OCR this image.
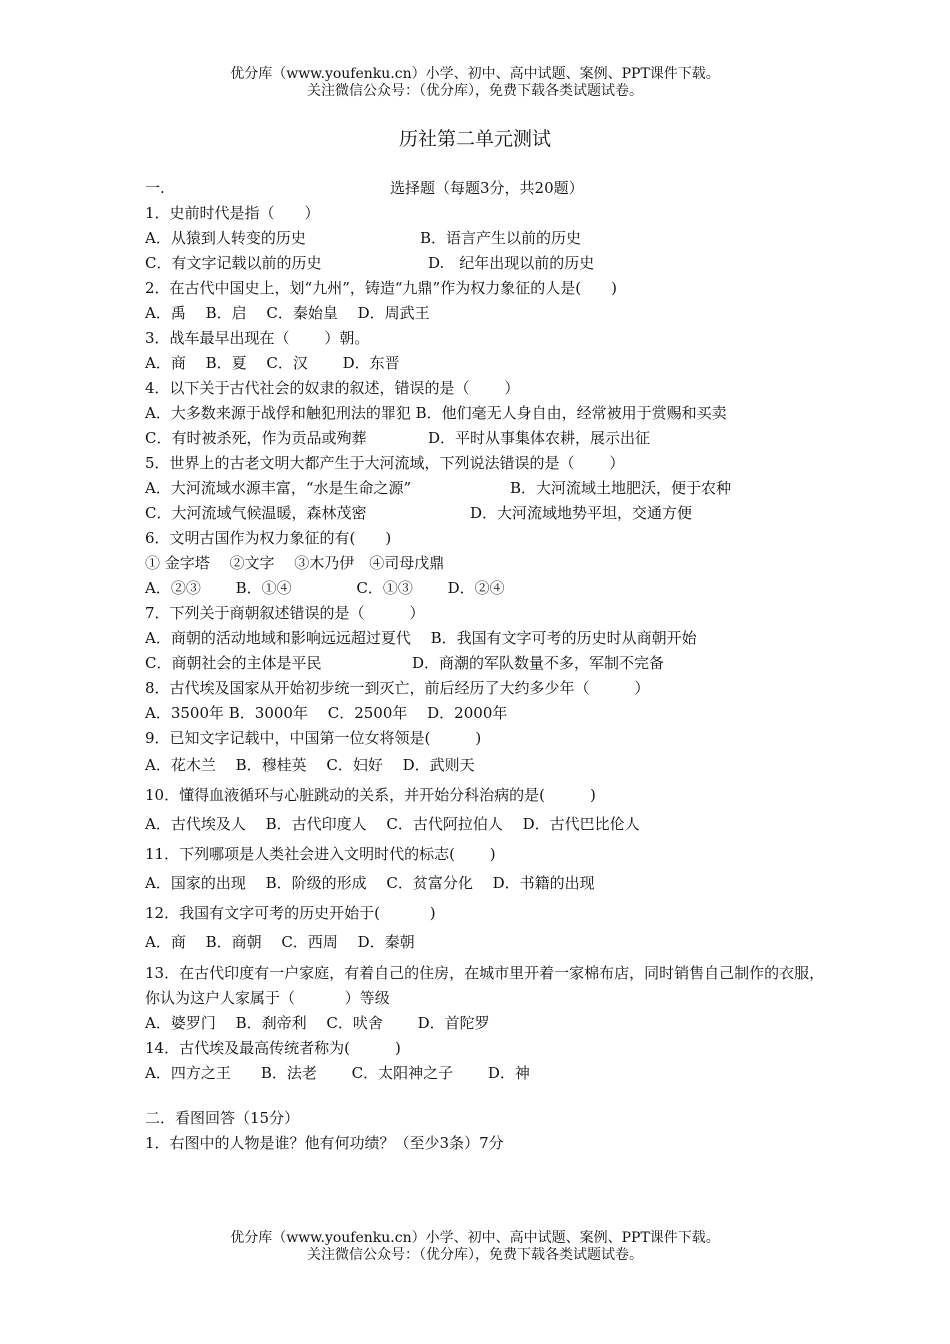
优分库（www.youfenku.cn）小学、初中、高中试题、案例、PPT课件下载。
关注微信公众号：（优分库），免费下载各类试题试卷。
历社第二单元测试
一.	选择题（每题3分，共20题）
1．史前时代是指（　　）
A．从猿到人转变的历史	B．语言产生以前的历史
C．有文字记载以前的历史	D.　纪年出现以前的历史
2．在古代中国史上，划“九州”，铸造“九鼎”作为权力象征的人是(　　)
A．禹　 B．启　 C．秦始皇　 D．周武王
3．战车最早出现在（　　 ）朝。
A．商　 B．夏　 C．汉　　 D．东晋
4．以下关于古代社会的奴隶的叙述，错误的是（　　 ）
A．大多数来源于战俘和触犯刑法的罪犯 B．他们毫无人身自由，经常被用于赏赐和买卖
C．有时被杀死，作为贡品或殉葬	D．平时从事集体农耕，展示出征
5．世界上的古老文明大都产生于大河流域，下列说法错误的是（　　 ）
A．大河流域水源丰富，“水是生命之源”	B．大河流域土地肥沃，便于农种
C．大河流域气候温暖，森林茂密	D．大河流域地势平坦，交通方便
6．文明古国作为权力象征的有(　　)
① 金字塔　 ②文字　 ③木乃伊　④司母戊鼎
A．②③　　 B．①④　　　　 C．①③　　 D．②④
7．下列关于商朝叙述错误的是（　　　）
A．商朝的活动地域和影响远远超过夏代　 B．我国有文字可考的历史时从商朝开始
C．商朝社会的主体是平民	D．商潮的军队数量不多，军制不完备
8．古代埃及国家从开始初步统一到灭亡，前后经历了大约多少年（　　　）
A．3500年 B．3000年　 C．2500年　 D．2000年
9．已知文字记载中，中国第一位女将领是(　　　)
A．花木兰　 B．穆桂英　 C．妇好　 D．武则天
10．懂得血液循环与心脏跳动的关系，并开始分科治病的是(　　　)
A．古代埃及人　 B．古代印度人　 C．古代阿拉伯人　 D．古代巴比伦人
11．下列哪项是人类社会进入文明时代的标志(　　 )
A．国家的出现　 B．阶级的形成　 C．贫富分化　 D．书籍的出现
12．我国有文字可考的历史开始于(　　　 )
A．商　 B．商朝　 C．西周　 D．秦朝
13．在古代印度有一户家庭，有着自己的住房，在城市里开着一家棉布店，同时销售自己制作的衣服，你认为这户人家属于（　　　 ）等级
A．婆罗门　 B．刹帝利　 C．吠舍　　 D．首陀罗
14．古代埃及最高传统者称为(　　　)
A．四方之王　　B．法老　　 C．太阳神之子　　 D．神
二．看图回答（15分）
1．右图中的人物是谁？他有何功绩？（至少3条）7分
优分库（www.youfenku.cn）小学、初中、高中试题、案例、PPT课件下载。
关注微信公众号：（优分库），免费下载各类试题试卷。
